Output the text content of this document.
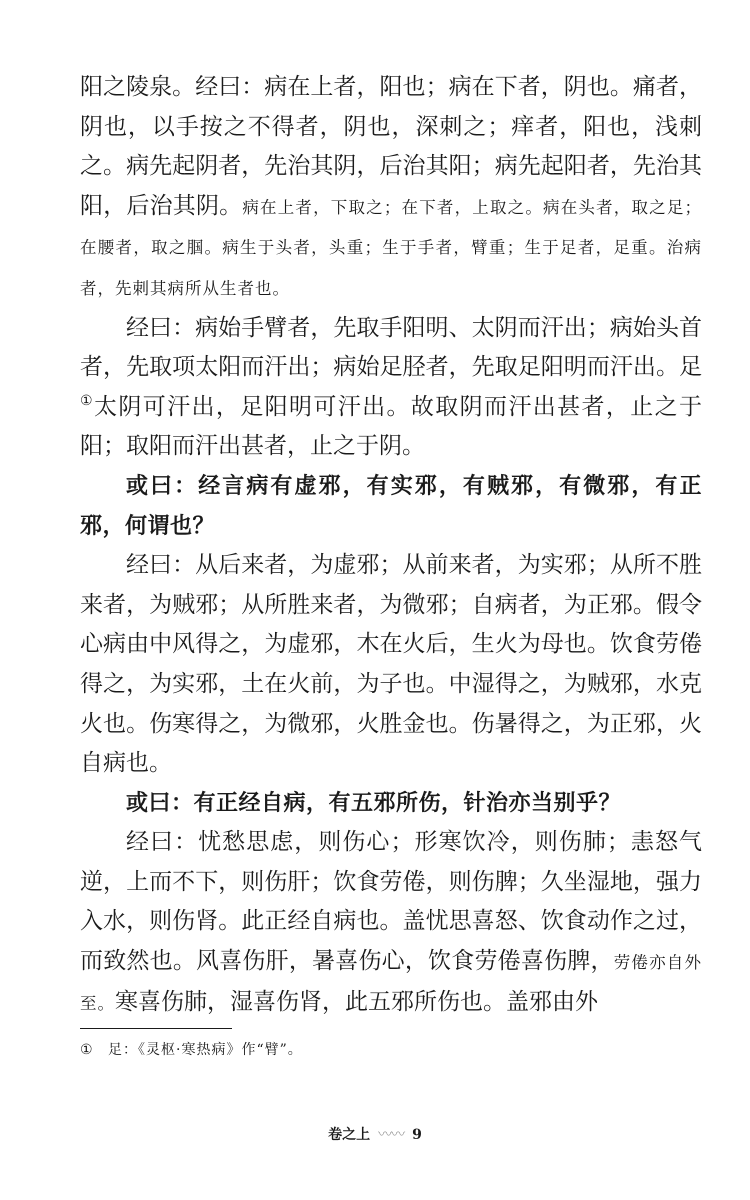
阳之陵泉。经曰：病在上者，阳也；病在下者，阴也。痛者，阴也，以手按之不得者，阴也，深刺之；痒者，阳也，浅刺之。病先起阴者，先治其阴，后治其阳；病先起阳者，先治其阳，后治其阴。病在上者，下取之；在下者，上取之。病在头者，取之足；在腰者，取之腘。病生于头者，头重；生于手者，臂重；生于足者，足重。治病者，先刺其病所从生者也。

经曰：病始手臂者，先取手阳明、太阴而汗出；病始头首者，先取项太阳而汗出；病始足胫者，先取足阳明而汗出。足①太阴可汗出，足阳明可汗出。故取阴而汗出甚者，止之于阳；取阳而汗出甚者，止之于阴。

或曰：经言病有虚邪，有实邪，有贼邪，有微邪，有正邪，何谓也？

经曰：从后来者，为虚邪；从前来者，为实邪；从所不胜来者，为贼邪；从所胜来者，为微邪；自病者，为正邪。假令心病由中风得之，为虚邪，木在火后，生火为母也。饮食劳倦得之，为实邪，土在火前，为子也。中湿得之，为贼邪，水克火也。伤寒得之，为微邪，火胜金也。伤暑得之，为正邪，火自病也。

或曰：有正经自病，有五邪所伤，针治亦当别乎？

经曰：忧愁思虑，则伤心；形寒饮冷，则伤肺；恚怒气逆，上而不下，则伤肝；饮食劳倦，则伤脾；久坐湿地，强力入水，则伤肾。此正经自病也。盖忧思喜怒、饮食动作之过，而致然也。风喜伤肝，暑喜伤心，饮食劳倦喜伤脾，劳倦亦自外至。寒喜伤肺，湿喜伤肾，此五邪所伤也。盖邪由外

① 足：《灵枢·寒热病》作“臂”。
卷之上 〰〰 9
